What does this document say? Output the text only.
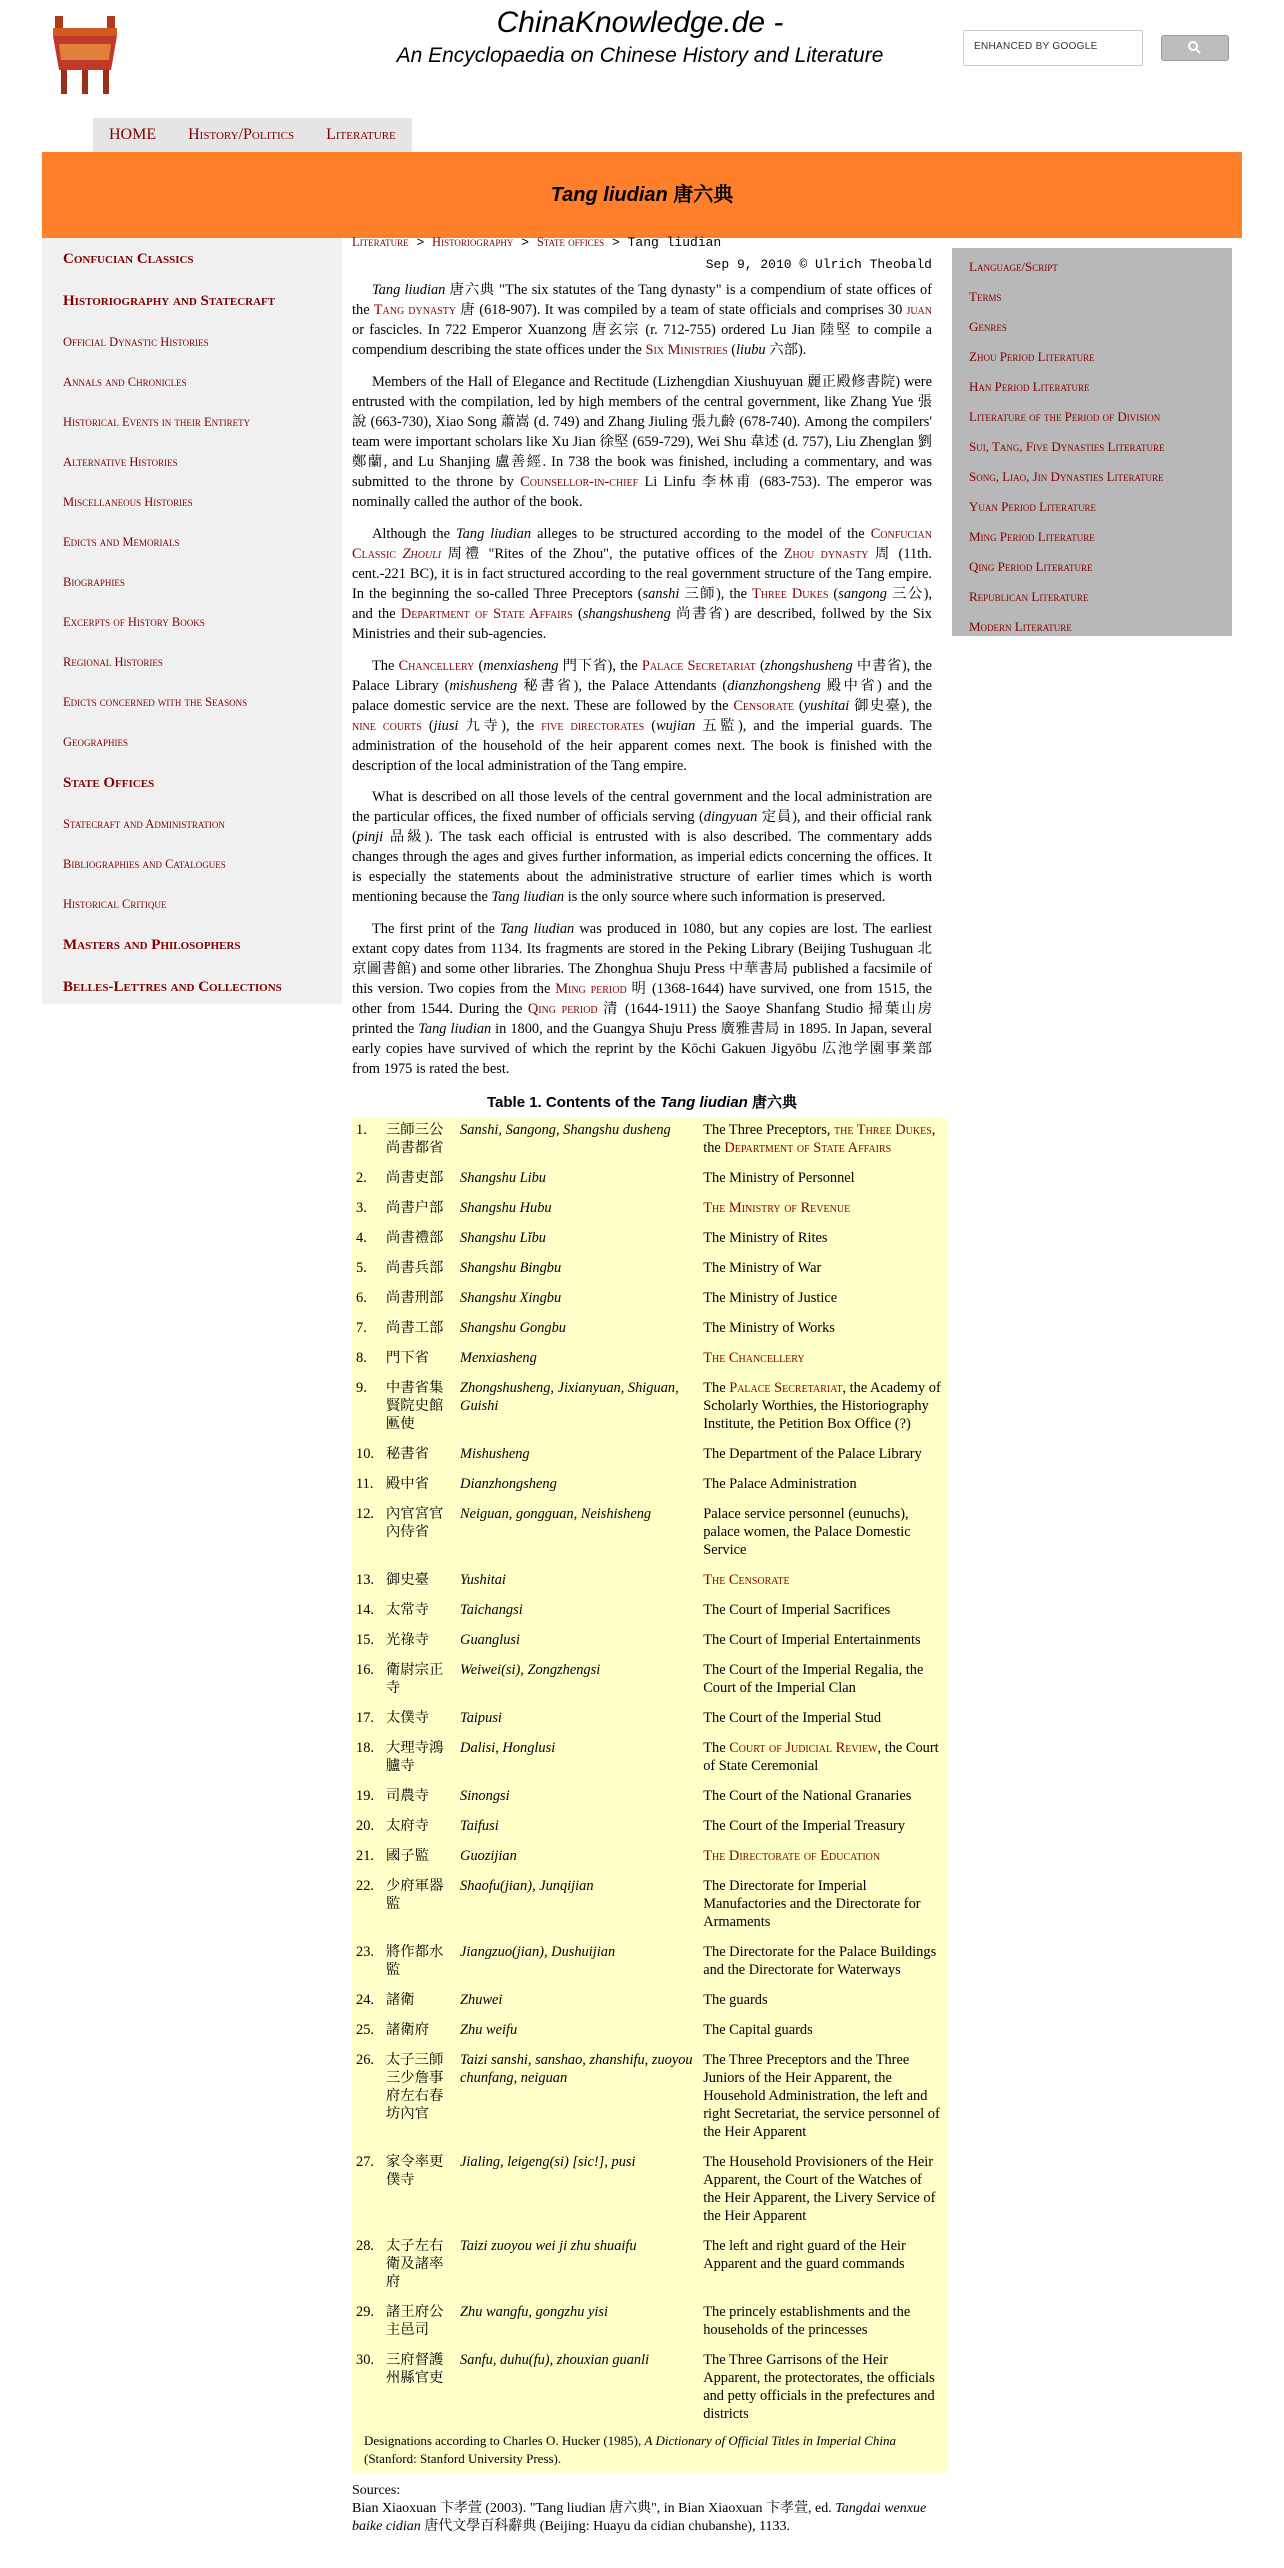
ChinaKnowledge.de -
An Encyclopaedia on Chinese History and Literature	ENHANCED BY GOOGLE
HOME	History/Politics	Literature
Tang liudian 唐六典
Confucian Classics
Historiography and Statecraft
Official Dynastic Histories
Annals and Chronicles
Historical Events in their Entirety
Alternative Histories
Miscellaneous Histories
Edicts and Memorials
Biographies
Excerpts of History Books
Regional Histories
Edicts concerned with the Seasons
Geographies
State Offices
Statecraft and Administration
Bibliographies and Catalogues
Historical Critique
Masters and Philosophers
Belles-Lettres and Collections
Language/Script
Terms
Genres
Zhou Period Literature
Han Period Literature
Literature of the Period of Division
Sui, Tang, Five Dynasties Literature
Song, Liao, Jin Dynasties Literature
Yuan Period Literature
Ming Period Literature
Qing Period Literature
Republican Literature
Modern Literature
Literature > Historiography > State offices > Tang liudian
Sep 9, 2010 © Ulrich Theobald

Tang liudian 唐六典 "The six statutes of the Tang dynasty" is a compendium of state offices of the Tang dynasty 唐 (618-907). It was compiled by a team of state officials and comprises 30 juan or fascicles. In 722 Emperor Xuanzong 唐玄宗 (r. 712-755) ordered Lu Jian 陸堅 to compile a compendium describing the state offices under the Six Ministries (liubu 六部).

Members of the Hall of Elegance and Rectitude (Lizhengdian Xiushuyuan 麗正殿修書院) were entrusted with the compilation, led by high members of the central government, like Zhang Yue 張說 (663-730), Xiao Song 蕭嵩 (d. 749) and Zhang Jiuling 張九齡 (678-740). Among the compilers' team were important scholars like Xu Jian 徐堅 (659-729), Wei Shu 韋述 (d. 757), Liu Zhenglan 劉鄭蘭, and Lu Shanjing 盧善經. In 738 the book was finished, including a commentary, and was submitted to the throne by Counsellor-in-chief Li Linfu 李林甫 (683-753). The emperor was nominally called the author of the book.

Although the Tang liudian alleges to be structured according to the model of the Confucian Classic Zhouli 周禮 "Rites of the Zhou", the putative offices of the Zhou dynasty 周 (11th. cent.-221 BC), it is in fact structured according to the real government structure of the Tang empire. In the beginning the so-called Three Preceptors (sanshi 三師), the Three Dukes (sangong 三公), and the Department of State Affairs (shangshusheng 尚書省) are described, follwed by the Six Ministries and their sub-agencies.

The Chancellery (menxiasheng 門下省), the Palace Secretariat (zhongshusheng 中書省), the Palace Library (mishusheng 秘書省), the Palace Attendants (dianzhongsheng 殿中省) and the palace domestic service are the next. These are followed by the Censorate (yushitai 御史臺), the nine courts (jiusi 九寺), the five directorates (wujian 五監), and the imperial guards. The administration of the household of the heir apparent comes next. The book is finished with the description of the local administration of the Tang empire.

What is described on all those levels of the central government and the local administration are the particular offices, the fixed number of officials serving (dingyuan 定員), and their official rank (pinji 品級). The task each official is entrusted with is also described. The commentary adds changes through the ages and gives further information, as imperial edicts concerning the offices. It is especially the statements about the administrative structure of earlier times which is worth mentioning because the Tang liudian is the only source where such information is preserved.

The first print of the Tang liudian was produced in 1080, but any copies are lost. The earliest extant copy dates from 1134. Its fragments are stored in the Peking Library (Beijing Tushuguan 北京圖書館) and some other libraries. The Zhonghua Shuju Press 中華書局 published a facsimile of this version. Two copies from the Ming period 明 (1368-1644) have survived, one from 1515, the other from 1544. During the Qing period 清 (1644-1911) the Saoye Shanfang Studio 掃葉山房 printed the Tang liudian in 1800, and the Guangya Shuju Press 廣雅書局 in 1895. In Japan, several early copies have survived of which the reprint by the Kōchi Gakuen Jigyōbu 広池学園事業部 from 1975 is rated the best.

Table 1. Contents of the Tang liudian 唐六典
1.	三師三公尚書都省	Sanshi, Sangong, Shangshu dusheng	The Three Preceptors, the Three Dukes, the Department of State Affairs
2.	尚書吏部	Shangshu Libu	The Ministry of Personnel
3.	尚書户部	Shangshu Hubu	The Ministry of Revenue
4.	尚書禮部	Shangshu Lǐbu	The Ministry of Rites
5.	尚書兵部	Shangshu Bingbu	The Ministry of War
6.	尚書刑部	Shangshu Xingbu	The Ministry of Justice
7.	尚書工部	Shangshu Gongbu	The Ministry of Works
8.	門下省	Menxiasheng	The Chancellery
9.	中書省集賢院史館匭使	Zhongshusheng, Jixianyuan, Shiguan, Guishi	The Palace Secretariat, the Academy of Scholarly Worthies, the Historiography Institute, the Petition Box Office (?)
10.	秘書省	Mishusheng	The Department of the Palace Library
11.	殿中省	Dianzhongsheng	The Palace Administration
12.	內官宮官內侍省	Neiguan, gongguan, Neishisheng	Palace service personnel (eunuchs), palace women, the Palace Domestic Service
13.	御史臺	Yushitai	The Censorate
14.	太常寺	Taichangsi	The Court of Imperial Sacrifices
15.	光祿寺	Guanglusi	The Court of Imperial Entertainments
16.	衛尉宗正寺	Weiwei(si), Zongzhengsi	The Court of the Imperial Regalia, the Court of the Imperial Clan
17.	太僕寺	Taipusi	The Court of the Imperial Stud
18.	大理寺鴻臚寺	Dalisi, Honglusi	The Court of Judicial Review, the Court of State Ceremonial
19.	司農寺	Sinongsi	The Court of the National Granaries
20.	太府寺	Taifusi	The Court of the Imperial Treasury
21.	國子監	Guozijian	The Directorate of Education
22.	少府軍器監	Shaofu(jian), Junqijian	The Directorate for Imperial Manufactories and the Directorate for Armaments
23.	將作都水監	Jiangzuo(jian), Dushuijian	The Directorate for the Palace Buildings and the Directorate for Waterways
24.	諸衛	Zhuwei	The guards
25.	諸衛府	Zhu weifu	The Capital guards
26.	太子三師三少詹事府左右春坊內官	Taizi sanshi, sanshao, zhanshifu, zuoyou chunfang, neiguan	The Three Preceptors and the Three Juniors of the Heir Apparent, the Household Administration, the left and right Secretariat, the service personnel of the Heir Apparent
27.	家令率更僕寺	Jialing, leigeng(si) [sic!], pusi	The Household Provisioners of the Heir Apparent, the Court of the Watches of the Heir Apparent, the Livery Service of the Heir Apparent
28.	太子左右衛及諸率府	Taizi zuoyou wei ji zhu shuaifu	The left and right guard of the Heir Apparent and the guard commands
29.	諸王府公主邑司	Zhu wangfu, gongzhu yisi	The princely establishments and the households of the princesses
30.	三府督護州縣官吏	Sanfu, duhu(fu), zhouxian guanli	The Three Garrisons of the Heir Apparent, the protectorates, the officials and petty officials in the prefectures and districts
Designations according to Charles O. Hucker (1985), A Dictionary of Official Titles in Imperial China (Stanford: Stanford University Press).
Sources:
Bian Xiaoxuan 卞孝萱 (2003). "Tang liudian 唐六典", in Bian Xiaoxuan 卞孝萱, ed. Tangdai wenxue baike cidian 唐代文學百科辭典 (Beijing: Huayu da cidian chubanshe), 1133.
